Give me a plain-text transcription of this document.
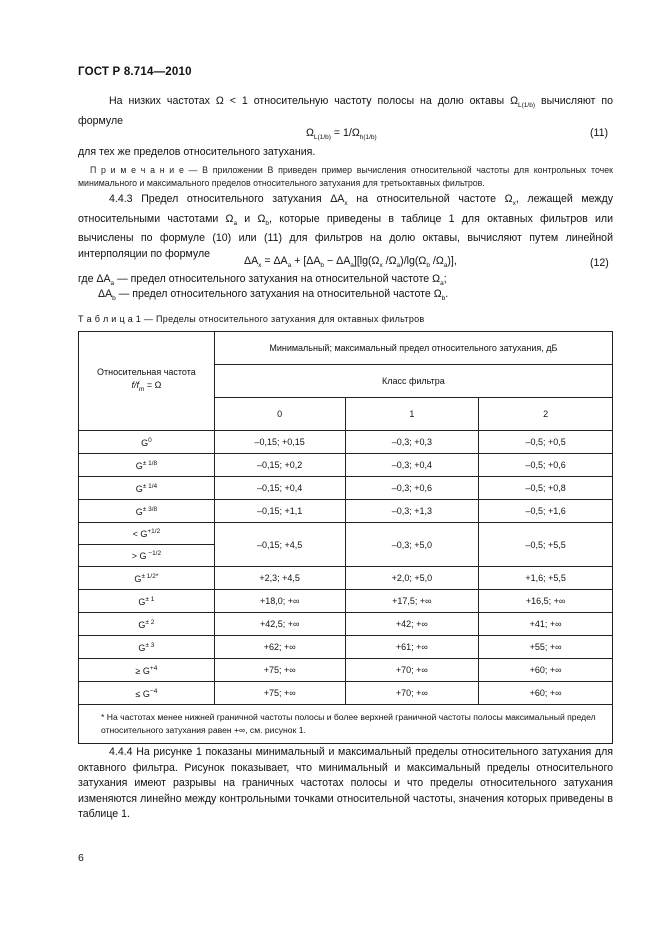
ГОСТ Р 8.714—2010
На низких частотах Ω < 1 относительную частоту полосы на долю октавы $\Omega_{L(1/b)}$ вычисляют по формуле
$\Omega_{L(1/b)} = 1/\Omega_{h(1/b)}$	(11)
для тех же пределов относительного затухания.
П р и м е ч а н и е — В приложении В приведен пример вычисления относительной частоты для контрольных точек минимального и максимального пределов относительного затухания для третьоктавных фильтров.
4.4.3 Предел относительного затухания $\Delta A_x$ на относительной частоте $\Omega_x$, лежащей между относительными частотами $\Omega_a$ и $\Omega_b$, которые приведены в таблице 1 для октавных фильтров или вычислены по формуле (10) или (11) для фильтров на долю октавы, вычисляют путем линейной интерполяции по формуле
$\Delta A_x = \Delta A_a + [\Delta A_b - \Delta A_a][\lg(\Omega_x$ $/\Omega_a)/\lg(\Omega_b$ $/\Omega_a$)],	(12)
где $\Delta A_a$ — предел относительного затухания на относительной частоте $\Omega_a$;
$\Delta A_b$ — предел относительного затухания на относительной частоте $\Omega_b$.
Т а б л и ц а 1 — Пределы относительного затухания для октавных фильтров
Относительная частота
$f/f_m = \Omega$	Минимальный; максимальный предел относительного затухания, дБ		
	Класс фильтра		
	0	1	2
$G^0$	–0,15; +0,15	–0,3; +0,3	–0,5; +0,5
$G^{\pm 1/8}$	–0,15; +0,2	–0,3; +0,4	–0,5; +0,6
$G^{\pm 1/4}$	–0,15; +0,4	–0,3; +0,6	–0,5; +0,8
$G^{\pm 3/8}$	–0,15; +1,1	–0,3; +1,3	–0,5; +1,6
< $G^{+1/2}$	–0,15; +4,5	–0,3; +5,0	–0,5; +5,5
> G $^{-1/2}$
$G^{\pm 1/2*}$	+2,3; +4,5	+2,0; +5,0	+1,6; +5,5
$G^{\pm 1}$	+18,0; +∞	+17,5; +∞	+16,5; +∞
$G^{\pm 2}$	+42,5; +∞	+42; +∞	+41; +∞
$G^{\pm 3}$	+62; +∞	+61; +∞	+55; +∞
≥ $G^{+4}$	+75; +∞	+70; +∞	+60; +∞
≤ $G^{-4}$	+75; +∞	+70; +∞	+60; +∞
* На частотах менее нижней граничной частоты полосы и более верхней граничной частоты полосы максимальный предел относительного затухания равен +∞, см. рисунок 1.			
4.4.4 На рисунке 1 показаны минимальный и максимальный пределы относительного затухания для октавного фильтра. Рисунок показывает, что минимальный и максимальный пределы относительного затухания имеют разрывы на граничных частотах полосы и что пределы относительного затухания изменяются линейно между контрольными точками относительной частоты, значения которых приведены в таблице 1.
6
